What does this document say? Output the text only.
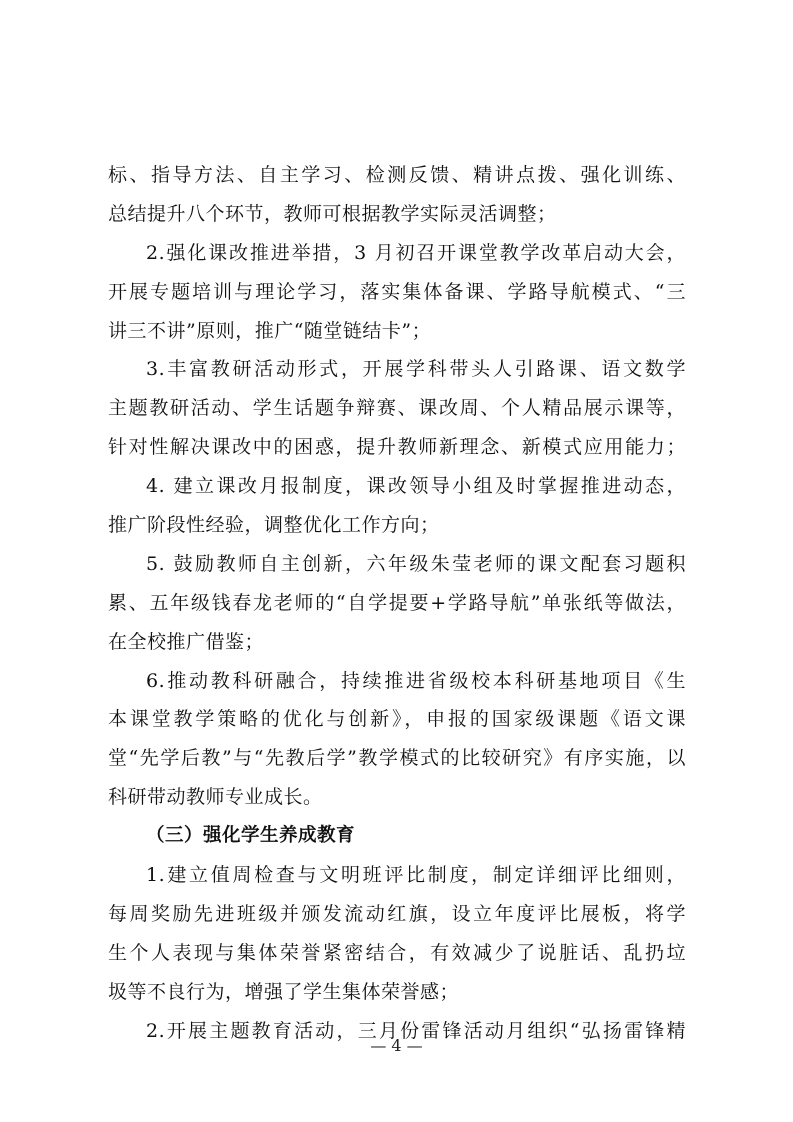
标、指导方法、自主学习、检测反馈、精讲点拨、强化训练、
总结提升八个环节，教师可根据教学实际灵活调整；
2.强化课改推进举措，3 月初召开课堂教学改革启动大会，
开展专题培训与理论学习，落实集体备课、学路导航模式、“三
讲三不讲”原则，推广“随堂链结卡”；
3.丰富教研活动形式，开展学科带头人引路课、语文数学
主题教研活动、学生话题争辩赛、课改周、个人精品展示课等，
针对性解决课改中的困惑，提升教师新理念、新模式应用能力；
4. 建立课改月报制度，课改领导小组及时掌握推进动态，
推广阶段性经验，调整优化工作方向；
5. 鼓励教师自主创新，六年级朱莹老师的课文配套习题积
累、五年级钱春龙老师的“自学提要+学路导航”单张纸等做法，
在全校推广借鉴；
6.推动教科研融合，持续推进省级校本科研基地项目《生
本课堂教学策略的优化与创新》，申报的国家级课题《语文课
堂“先学后教”与“先教后学”教学模式的比较研究》有序实施，以
科研带动教师专业成长。
（三）强化学生养成教育
1.建立值周检查与文明班评比制度，制定详细评比细则，
每周奖励先进班级并颁发流动红旗，设立年度评比展板，将学
生个人表现与集体荣誉紧密结合，有效减少了说脏话、乱扔垃
圾等不良行为，增强了学生集体荣誉感；
2.开展主题教育活动，三月份雷锋活动月组织“弘扬雷锋精
— 4 —
